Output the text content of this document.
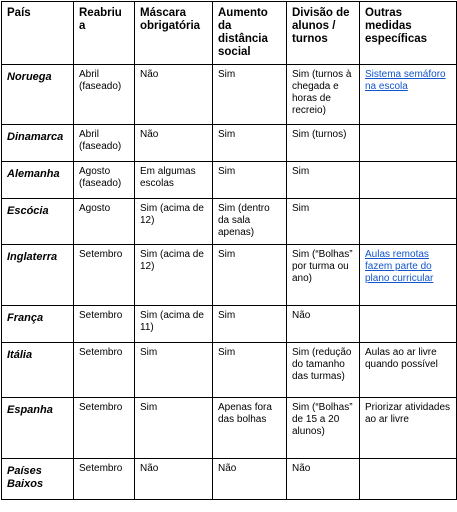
País	Reabriu a	Máscara obrigatória	Aumento da distância social	Divisão de alunos / turnos	Outras medidas específicas
Noruega	Abril (faseado)	Não	Sim	Sim (turnos à chegada e horas de recreio)	Sistema semáforo na escola
Dinamarca	Abril (faseado)	Não	Sim	Sim (turnos)	
Alemanha	Agosto (faseado)	Em algumas escolas	Sim	Sim	
Escócia	Agosto	Sim (acima de 12)	Sim (dentro da sala apenas)	Sim	
Inglaterra	Setembro	Sim (acima de 12)	Sim	Sim (“Bolhas” por turma ou ano)	Aulas remotas fazem parte do plano curricular
França	Setembro	Sim (acima de 11)	Sim	Não	
Itália	Setembro	Sim	Sim	Sim (redução do tamanho das turmas)	Aulas ao ar livre quando possível
Espanha	Setembro	Sim	Apenas fora das bolhas	Sim (“Bolhas” de 15 a 20 alunos)	Priorizar atividades ao ar livre
Países Baixos	Setembro	Não	Não	Não	
